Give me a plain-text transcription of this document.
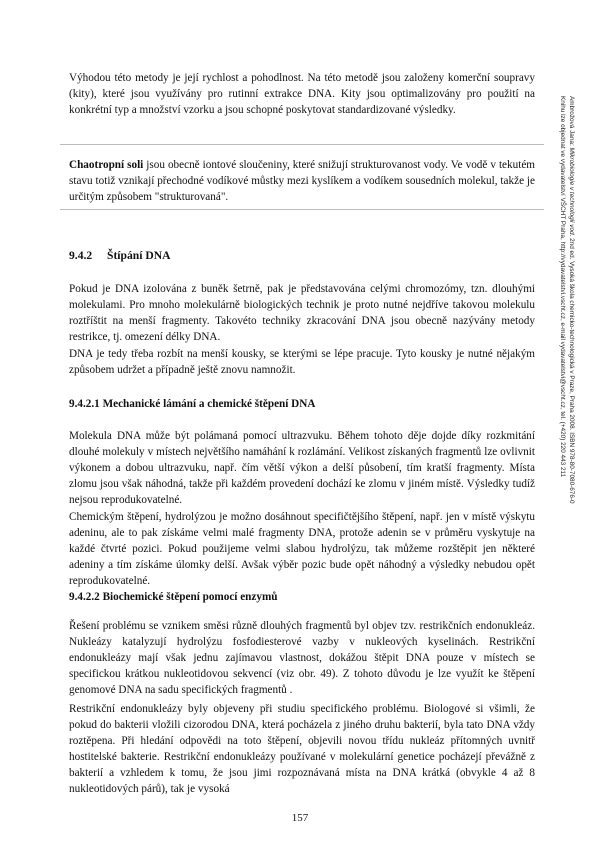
Výhodou této metody je její rychlost a pohodlnost. Na této metodě jsou založeny komerční soupravy (kity), které jsou využívány pro rutinní extrakce DNA. Kity jsou optimalizovány pro použití na konkrétní typ a množství vzorku a jsou schopné poskytovat standardizované výsledky.

Chaotropní soli jsou obecně iontové sloučeniny, které snižují strukturovanost vody. Ve vodě v tekutém stavu totiž vznikají přechodné vodíkové můstky mezi kyslíkem a vodíkem sousedních molekul, takže je určitým způsobem "strukturovaná".

9.4.2 Štípání DNA

Pokud je DNA izolována z buněk šetrně, pak je představována celými chromozómy, tzn. dlouhými molekulami. Pro mnoho molekulárně biologických technik je proto nutné nejdříve takovou molekulu roztříštit na menší fragmenty. Takovéto techniky zkracování DNA jsou obecně nazývány metody restrikce, tj. omezení délky DNA.

DNA je tedy třeba rozbít na menší kousky, se kterými se lépe pracuje. Tyto kousky je nutné nějakým způsobem udržet a případně ještě znovu namnožit.

9.4.2.1 Mechanické lámání a chemické štěpení DNA

Molekula DNA může být polámaná pomocí ultrazvuku. Během tohoto děje dojde díky rozkmitání dlouhé molekuly v místech největšího namáhání k rozlámání. Velikost získaných fragmentů lze ovlivnit výkonem a dobou ultrazvuku, např. čím větší výkon a delší působení, tím kratší fragmenty. Místa zlomu jsou však náhodná, takže při každém provedení dochází ke zlomu v jiném místě. Výsledky tudíž nejsou reprodukovatelné.

Chemickým štěpení, hydrolýzou je možno dosáhnout specifičtějšího štěpení, např. jen v místě výskytu adeninu, ale to pak získáme velmi malé fragmenty DNA, protože adenin se v průměru vyskytuje na každé čtvrté pozici. Pokud použijeme velmi slabou hydrolýzu, tak můžeme rozštěpit jen některé adeniny a tím získáme úlomky delší. Avšak výběr pozic bude opět náhodný a výsledky nebudou opět reprodukovatelné.

9.4.2.2 Biochemické štěpení pomocí enzymů

Řešení problému se vznikem směsi různě dlouhých fragmentů byl objev tzv. restrikčních endonukleáz. Nukleázy katalyzují hydrolýzu fosfodiesterové vazby v nukleových kyselinách. Restrikční endonukleázy mají však jednu zajímavou vlastnost, dokážou štěpit DNA pouze v místech se specifickou krátkou nukleotidovou sekvencí (viz obr. 49). Z tohoto důvodu je lze využít ke štěpení genomové DNA na sadu specifických fragmentů .

Restrikční endonukleázy byly objeveny při studiu specifického problému. Biologové si všimli, že pokud do bakterii vložili cizorodou DNA, která pocházela z jiného druhu bakterií, byla tato DNA vždy roztěpena. Při hledání odpovědi na toto štěpení, objevili novou třídu nukleáz přítomných uvnitř hostitelské bakterie. Restrikční endonukleázy používané v molekulární genetice pocházejí převážně z bakterií a vzhledem k tomu, že jsou jimi rozpoznávaná místa na DNA krátká (obvykle 4 až 8 nukleotidových párů), tak je vysoká

157
Ambrožová Jana: Mikrobiologie v technologii vod. 2nd ed. Vysoká škola chemicko-technologická v Praze, Praha 2008. ISBN 978-80-7080-676-0
Knihu lze objednat ve vydavatelství VŠCHT Praha, http://vydavatelstvi.vscht.cz, e-mail vydavatelstvi@vscht.cz, tel. (+420) 220 443 211
